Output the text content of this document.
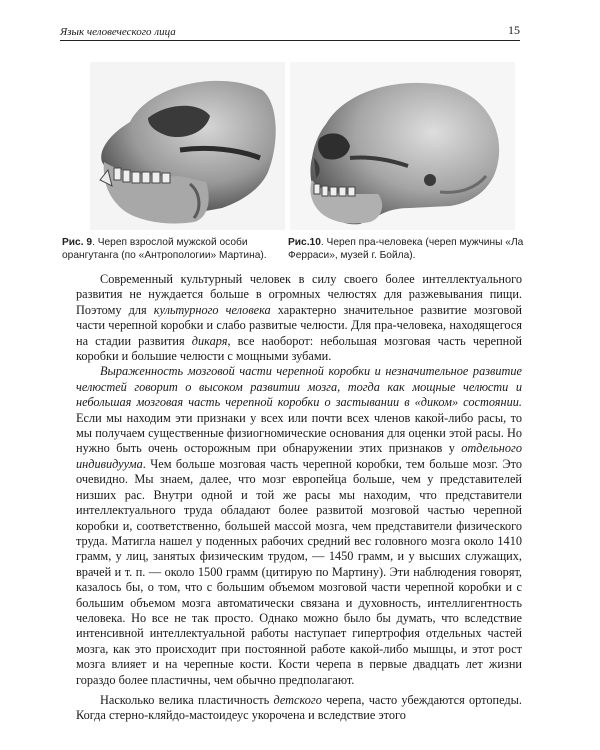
Язык человеческого лица	15
Рис. 9. Череп взрослой мужской особи орангутанга (по «Антропологии» Мартина).
Рис.10. Череп пра-человека (череп мужчины «Ла Ферраси», музей г. Бойла).

Современный культурный человек в силу своего более интеллектуального развития не нуждается больше в огромных челюстях для разжевывания пищи. Поэтому для культурного человека характерно значительное развитие мозговой части черепной коробки и слабо развитые челюсти. Для пра-человека, находящегося на стадии развития дикаря, все наоборот: небольшая мозговая часть черепной коробки и большие челюсти с мощными зубами.

Выраженность мозговой части черепной коробки и незначительное развитие челюстей говорит о высоком развитии мозга, тогда как мощные челюсти и небольшая мозговая часть черепной коробки о застывании в «диком» состоянии. Если мы находим эти признаки у всех или почти всех членов какой-либо расы, то мы получаем существенные физиогномические основания для оценки этой расы. Но нужно быть очень осторожным при обнаружении этих признаков у отдельного индивидуума. Чем больше мозговая часть черепной коробки, тем больше мозг. Это очевидно. Мы знаем, далее, что мозг европейца больше, чем у представителей низших рас. Внутри одной и той же расы мы находим, что представители интеллектуального труда обладают более развитой мозговой частью черепной коробки и, соответственно, большей массой мозга, чем представители физического труда. Матигла нашел у поденных рабочих средний вес головного мозга около 1410 грамм, у лиц, занятых физическим трудом, — 1450 грамм, и у высших служащих, врачей и т. п. — около 1500 грамм (цитирую по Мартину). Эти наблюдения говорят, казалось бы, о том, что с большим объемом мозговой части черепной коробки и с большим объемом мозга автоматически связана и духовность, интеллигентность человека. Но все не так просто. Однако можно было бы думать, что вследствие интенсивной интеллектуальной работы наступает гипертрофия отдельных частей мозга, как это происходит при постоянной работе какой-либо мышцы, и этот рост мозга влияет и на черепные кости. Кости черепа в первые двадцать лет жизни гораздо более пластичны, чем обычно предполагают.

Насколько велика пластичность детского черепа, часто убеждаются ортопеды. Когда стерно-кляйдо-мастоидеус укорочена и вследствие этого
